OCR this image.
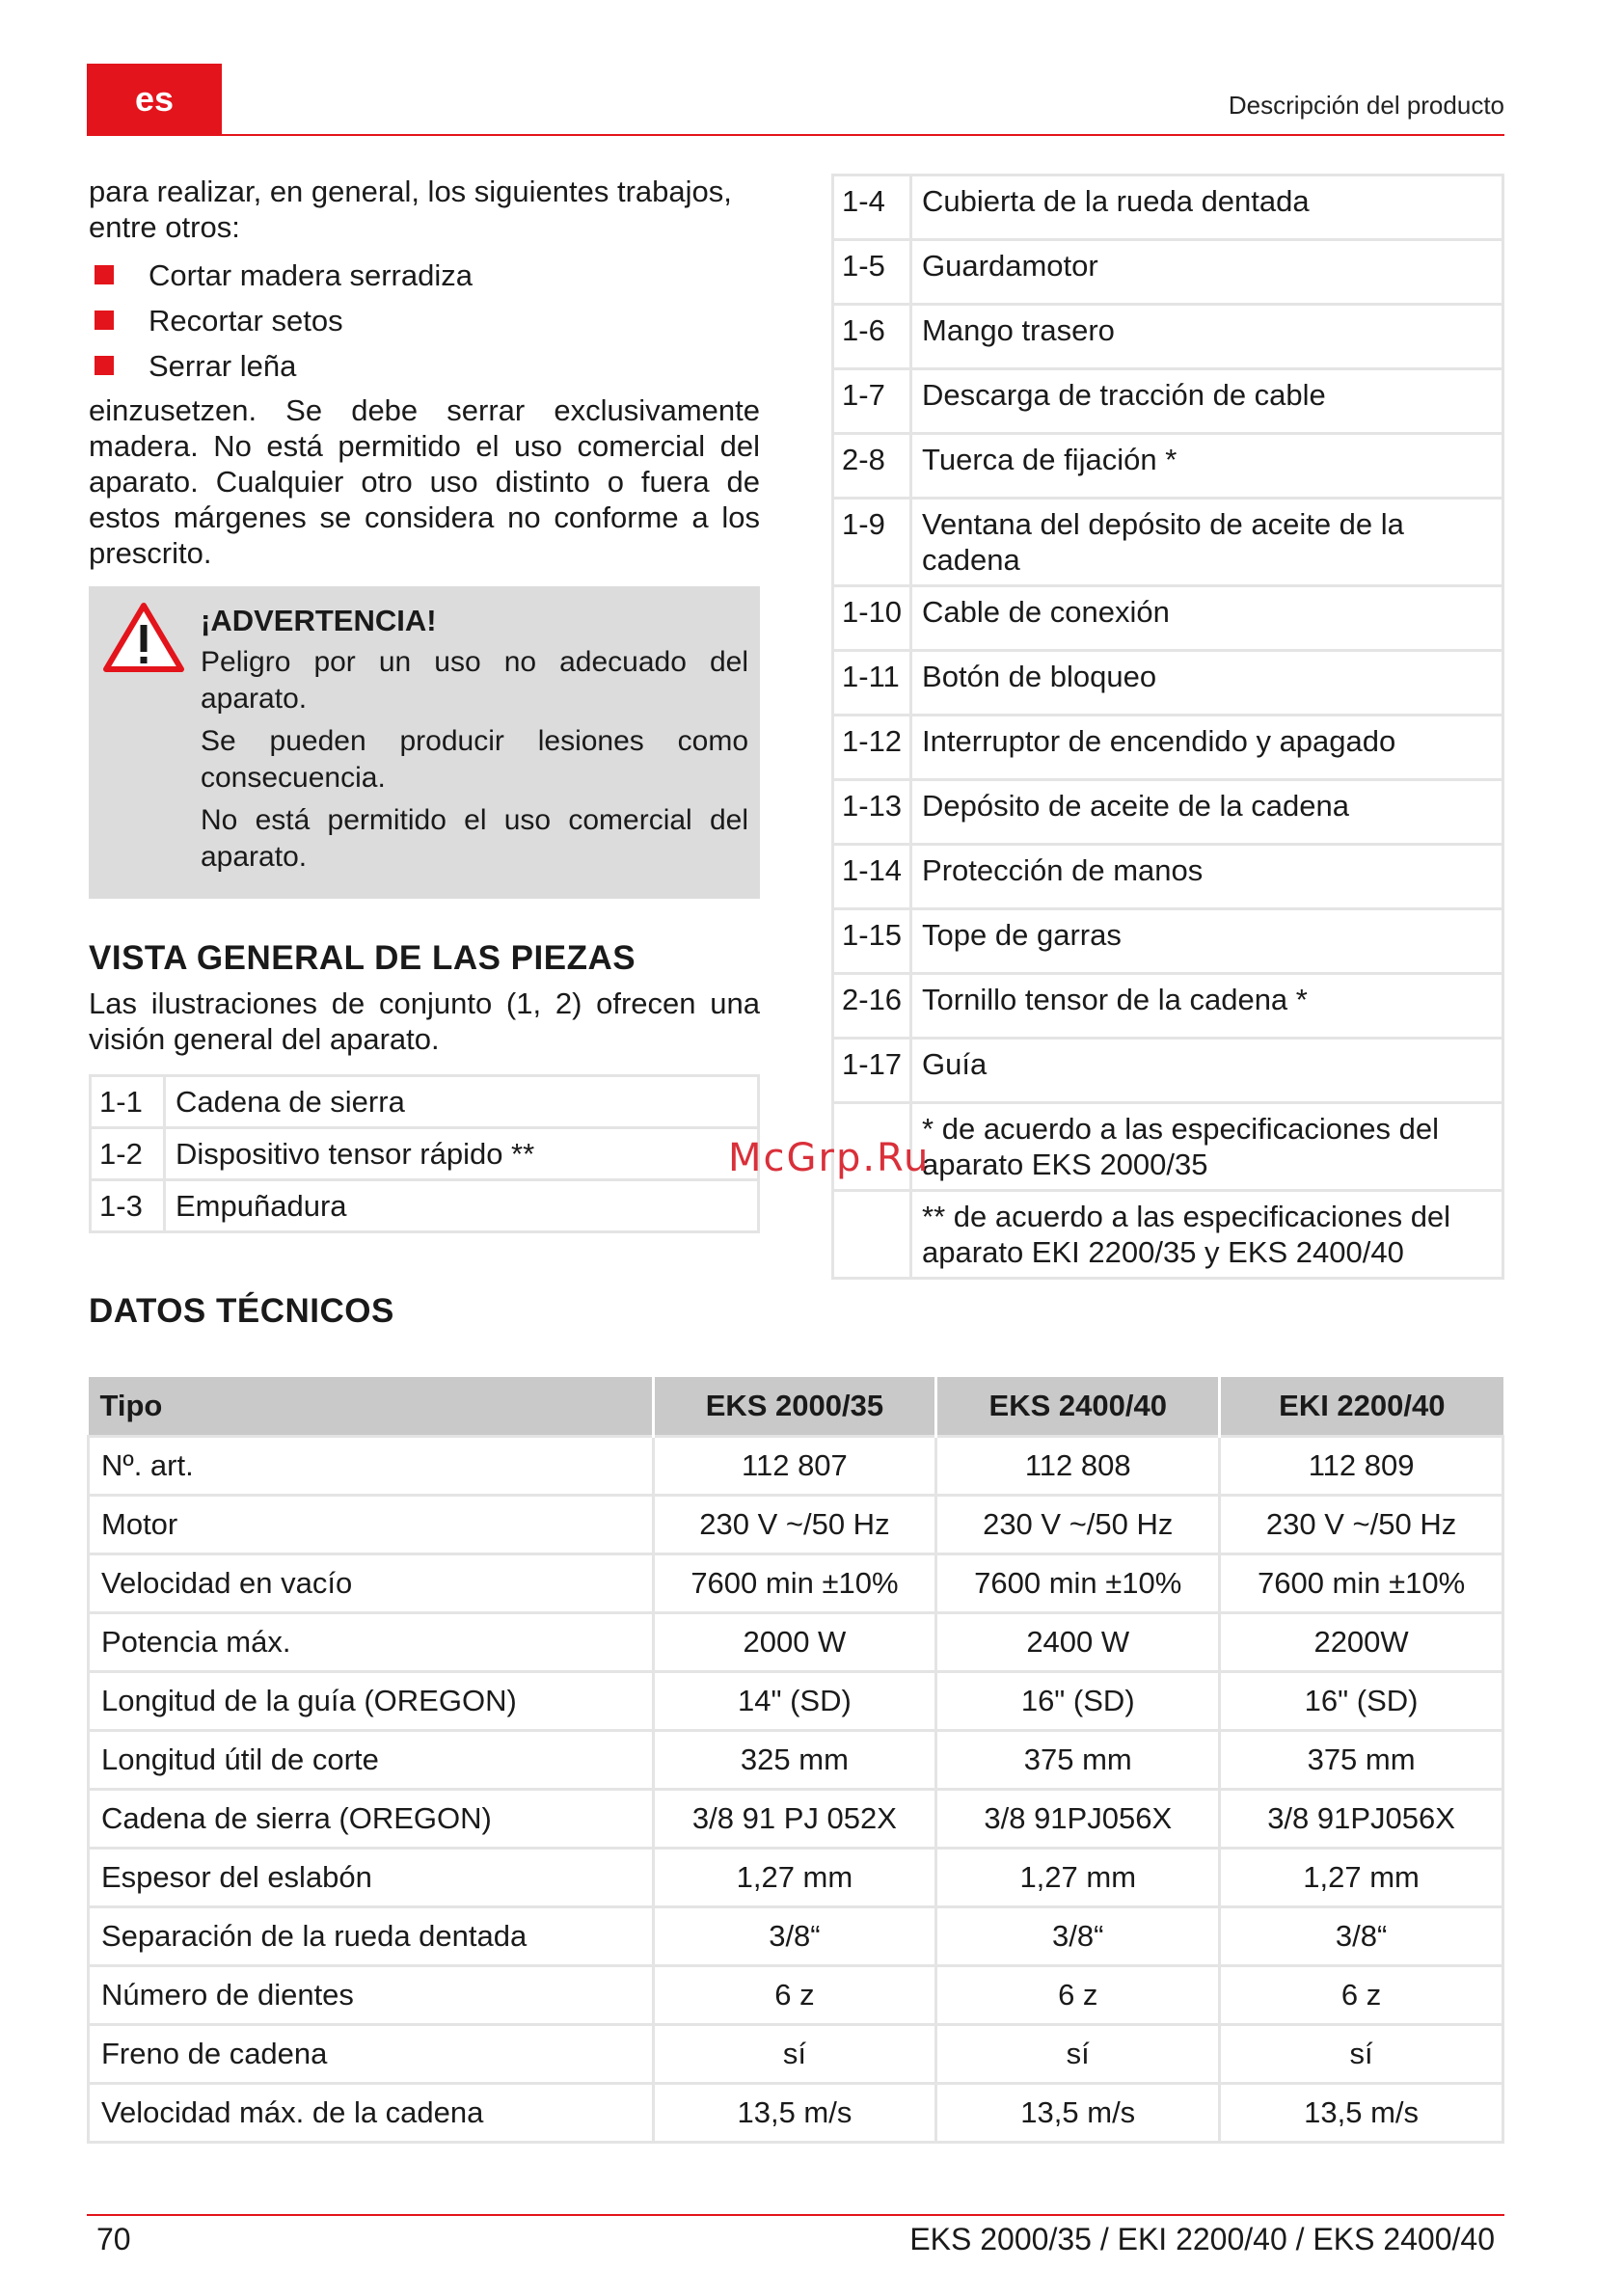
es	Descripción del producto

para realizar, en general, los siguientes trabajos, entre otros:

Cortar madera serradiza
Recortar setos
Serrar leña

einzusetzen. Se debe serrar exclusivamente madera. No está permitido el uso comercial del aparato. Cualquier otro uso distinto o fuera de estos márgenes se considera no conforme a los prescrito.

¡ADVERTENCIA!

Peligro por un uso no adecuado del aparato.

Se pueden producir lesiones como consecuencia.

No está permitido el uso comercial del aparato.

VISTA GENERAL DE LAS PIEZAS

Las ilustraciones de conjunto (1, 2) ofrecen una visión general del aparato.

1-1	Cadena de sierra
1-2	Dispositivo tensor rápido **
1-3	Empuñadura
1-4	Cubierta de la rueda dentada
1-5	Guardamotor
1-6	Mango trasero
1-7	Descarga de tracción de cable
2-8	Tuerca de fijación *
1-9	Ventana del depósito de aceite de la cadena
1-10	Cable de conexión
1-11	Botón de bloqueo
1-12	Interruptor de encendido y apagado
1-13	Depósito de aceite de la cadena
1-14	Protección de manos
1-15	Tope de garras
2-16	Tornillo tensor de la cadena *
1-17	Guía
	* de acuerdo a las especificaciones del aparato EKS 2000/35
	** de acuerdo a las especificaciones del aparato EKI 2200/35 y EKS 2400/40
McGrp.Ru
DATOS TÉCNICOS
Tipo	EKS 2000/35	EKS 2400/40	EKI 2200/40
Nº. art.	112 807	112 808	112 809
Motor	230 V ~/50 Hz	230 V ~/50 Hz	230 V ~/50 Hz
Velocidad en vacío	7600 min ±10%	7600 min ±10%	7600 min ±10%
Potencia máx.	2000 W	2400 W	2200W
Longitud de la guía (OREGON)	14" (SD)	16" (SD)	16" (SD)
Longitud útil de corte	325 mm	375 mm	375 mm
Cadena de sierra (OREGON)	3/8 91 PJ 052X	3/8 91PJ056X	3/8 91PJ056X
Espesor del eslabón	1,27 mm	1,27 mm	1,27 mm
Separación de la rueda dentada	3/8“	3/8“	3/8“
Número de dientes	6 z	6 z	6 z
Freno de cadena	sí	sí	sí
Velocidad máx. de la cadena	13,5 m/s	13,5 m/s	13,5 m/s
70	EKS 2000/35 / EKI 2200/40 / EKS 2400/40
